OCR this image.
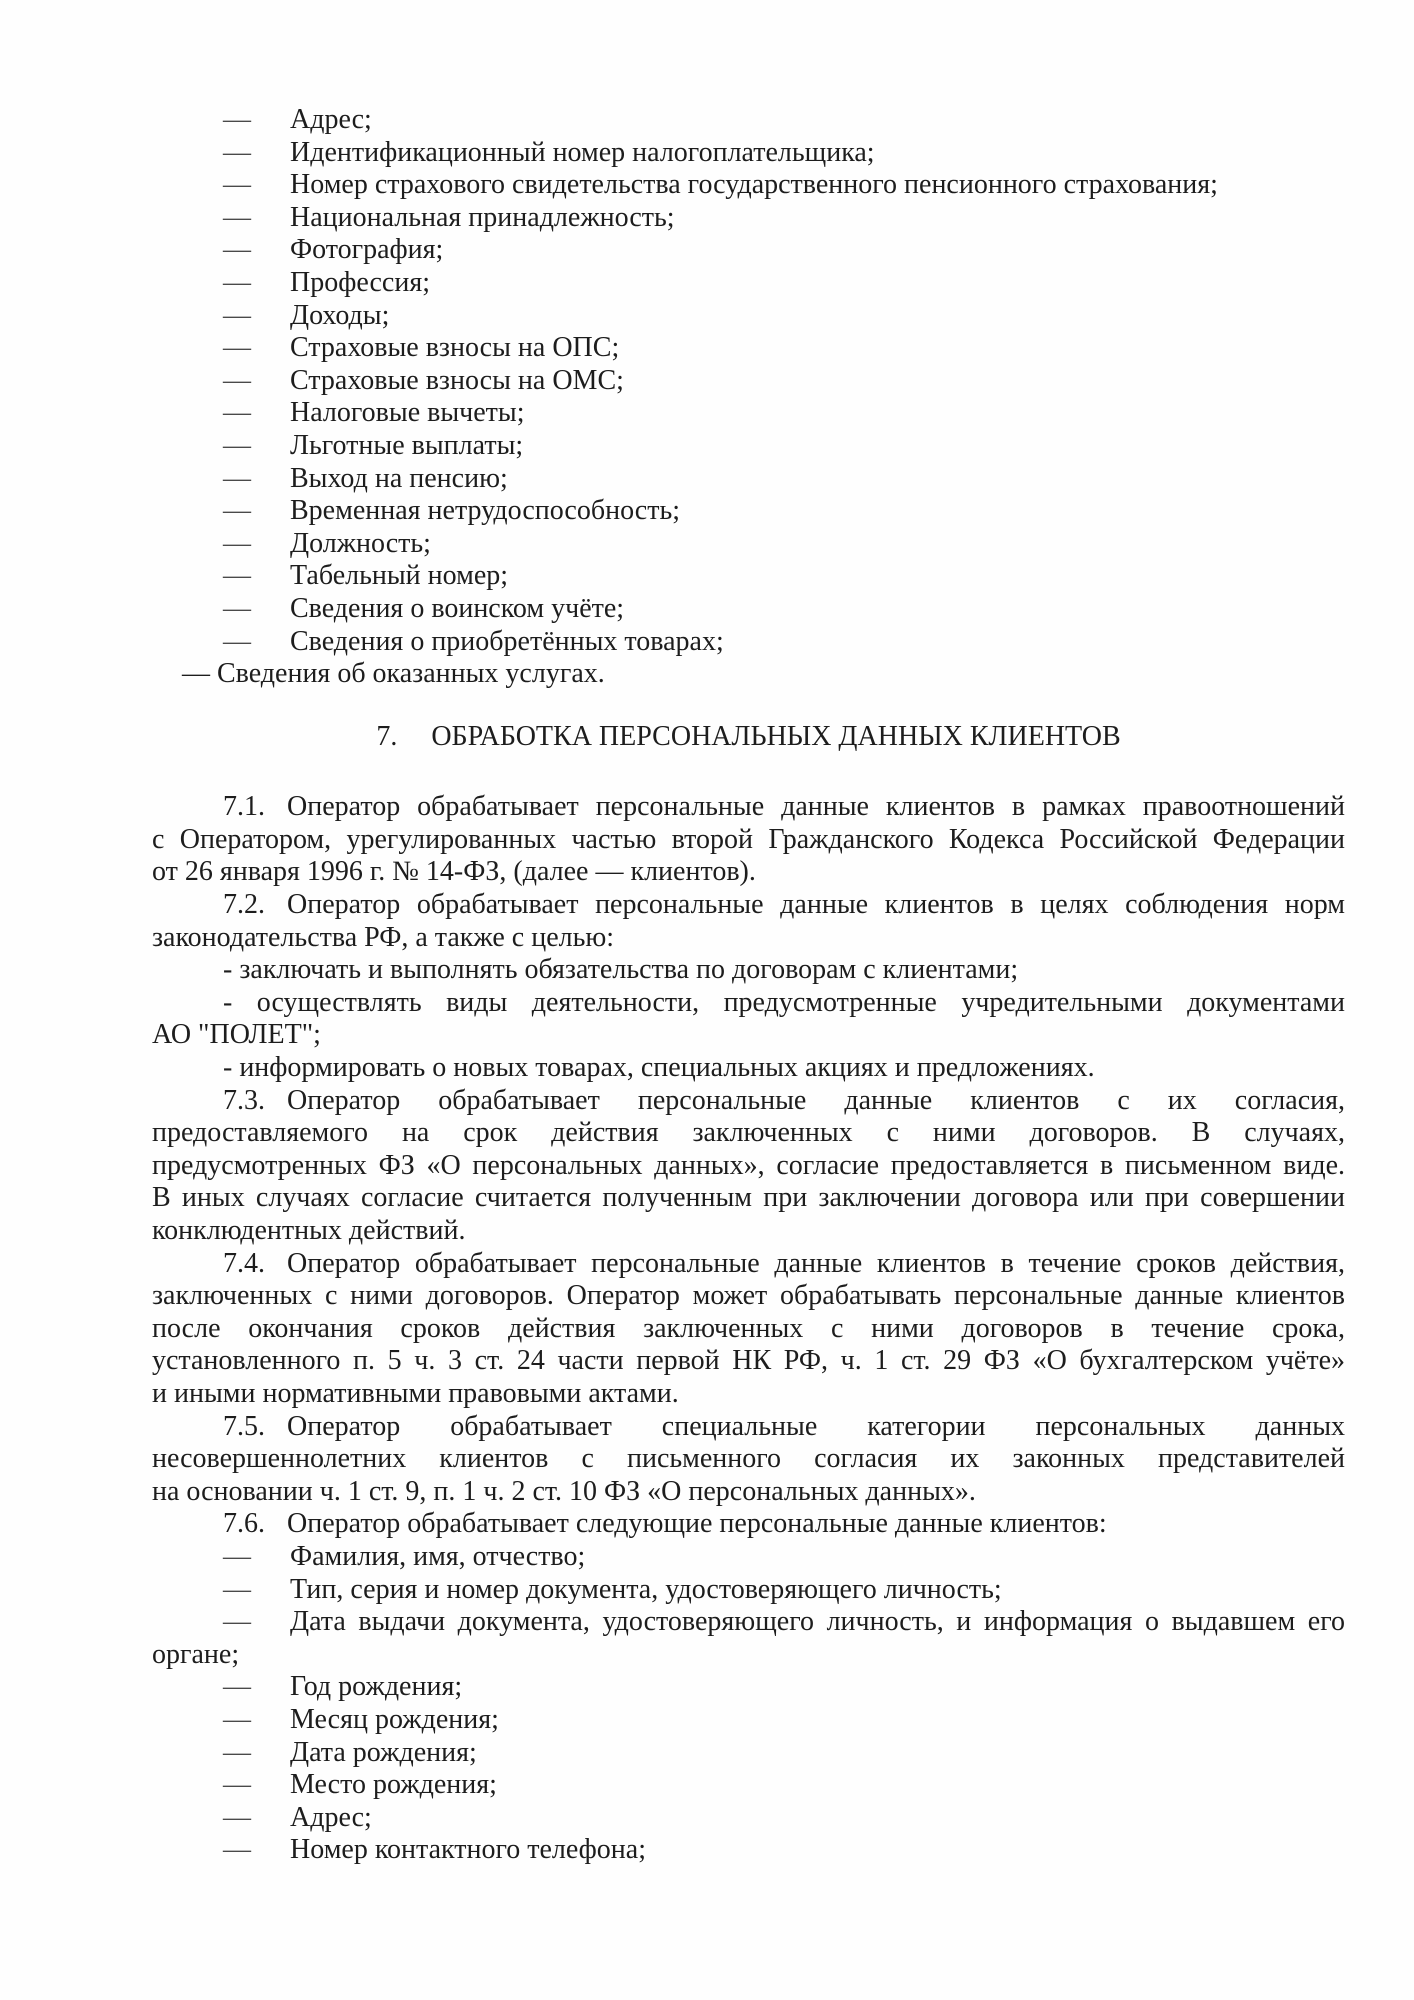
— Адрес;
— Идентификационный номер налогоплательщика;
— Номер страхового свидетельства государственного пенсионного страхования;
— Национальная принадлежность;
— Фотография;
— Профессия;
— Доходы;
— Страховые взносы на ОПС;
— Страховые взносы на ОМС;
— Налоговые вычеты;
— Льготные выплаты;
— Выход на пенсию;
— Временная нетрудоспособность;
— Должность;
— Табельный номер;
— Сведения о воинском учёте;
— Сведения о приобретённых товарах;
— Сведения об оказанных услугах.
7. ОБРАБОТКА ПЕРСОНАЛЬНЫХ ДАННЫХ КЛИЕНТОВ
7.1. Оператор обрабатывает персональные данные клиентов в рамках правоотношений
с Оператором, урегулированных частью второй Гражданского Кодекса Российской Федерации
от 26 января 1996 г. № 14-ФЗ, (далее — клиентов).
7.2. Оператор обрабатывает персональные данные клиентов в целях соблюдения норм
законодательства РФ, а также с целью:
- заключать и выполнять обязательства по договорам с клиентами;
- осуществлять виды деятельности, предусмотренные учредительными документами
АО "ПОЛЕТ";
- информировать о новых товарах, специальных акциях и предложениях.
7.3. Оператор обрабатывает персональные данные клиентов с их согласия,
предоставляемого на срок действия заключенных с ними договоров. В случаях,
предусмотренных ФЗ «О персональных данных», согласие предоставляется в письменном виде.
В иных случаях согласие считается полученным при заключении договора или при совершении
конклюдентных действий.
7.4. Оператор обрабатывает персональные данные клиентов в течение сроков действия,
заключенных с ними договоров. Оператор может обрабатывать персональные данные клиентов
после окончания сроков действия заключенных с ними договоров в течение срока,
установленного п. 5 ч. 3 ст. 24 части первой НК РФ, ч. 1 ст. 29 ФЗ «О бухгалтерском учёте»
и иными нормативными правовыми актами.
7.5. Оператор обрабатывает специальные категории персональных данных
несовершеннолетних клиентов с письменного согласия их законных представителей
на основании ч. 1 ст. 9, п. 1 ч. 2 ст. 10 ФЗ «О персональных данных».
7.6. Оператор обрабатывает следующие персональные данные клиентов:
— Фамилия, имя, отчество;
— Тип, серия и номер документа, удостоверяющего личность;
— Дата выдачи документа, удостоверяющего личность, и информация о выдавшем его
органе;
— Год рождения;
— Месяц рождения;
— Дата рождения;
— Место рождения;
— Адрес;
— Номер контактного телефона;
